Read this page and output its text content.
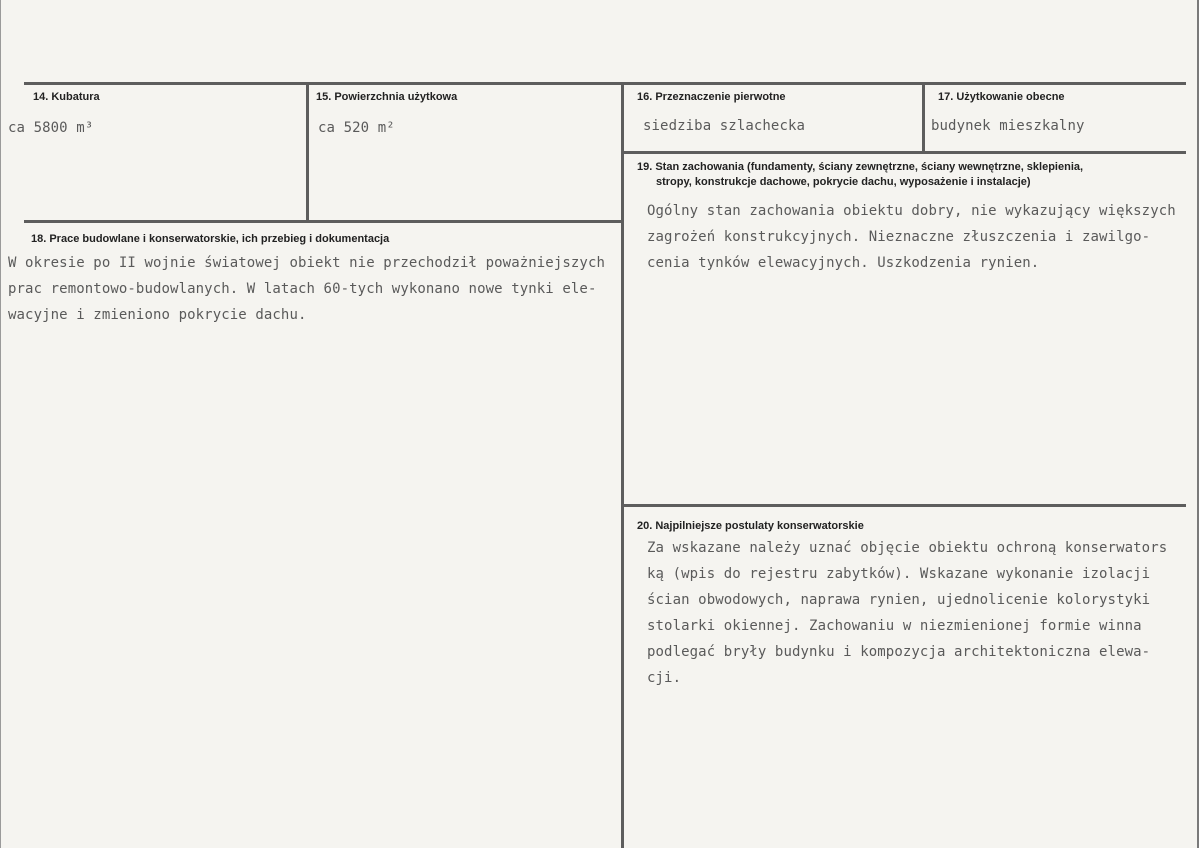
14. Kubatura
ca 5800 m³
15. Powierzchnia użytkowa
ca 520 m²
16. Przeznaczenie pierwotne
siedziba szlachecka
17. Użytkowanie obecne
budynek mieszkalny
18. Prace budowlane i konserwatorskie, ich przebieg i dokumentacja
W okresie po II wojnie światowej obiekt nie przechodził poważniejszych
prac remontowo-budowlanych. W latach 60-tych wykonano nowe tynki ele-
wacyjne i zmieniono pokrycie dachu.
19. Stan zachowania (fundamenty, ściany zewnętrzne, ściany wewnętrzne, sklepienia,
stropy, konstrukcje dachowe, pokrycie dachu, wyposażenie i instalacje)
Ogólny stan zachowania obiektu dobry, nie wykazujący większych
zagrożeń konstrukcyjnych. Nieznaczne złuszczenia i zawilgo-
cenia tynków elewacyjnych. Uszkodzenia rynien.
20. Najpilniejsze postulaty konserwatorskie
Za wskazane należy uznać objęcie obiektu ochroną konserwators
ką (wpis do rejestru zabytków). Wskazane wykonanie izolacji
ścian obwodowych, naprawa rynien, ujednolicenie kolorystyki
stolarki okiennej. Zachowaniu w niezmienionej formie winna
podlegać bryły budynku i kompozycja architektoniczna elewa-
cji.
